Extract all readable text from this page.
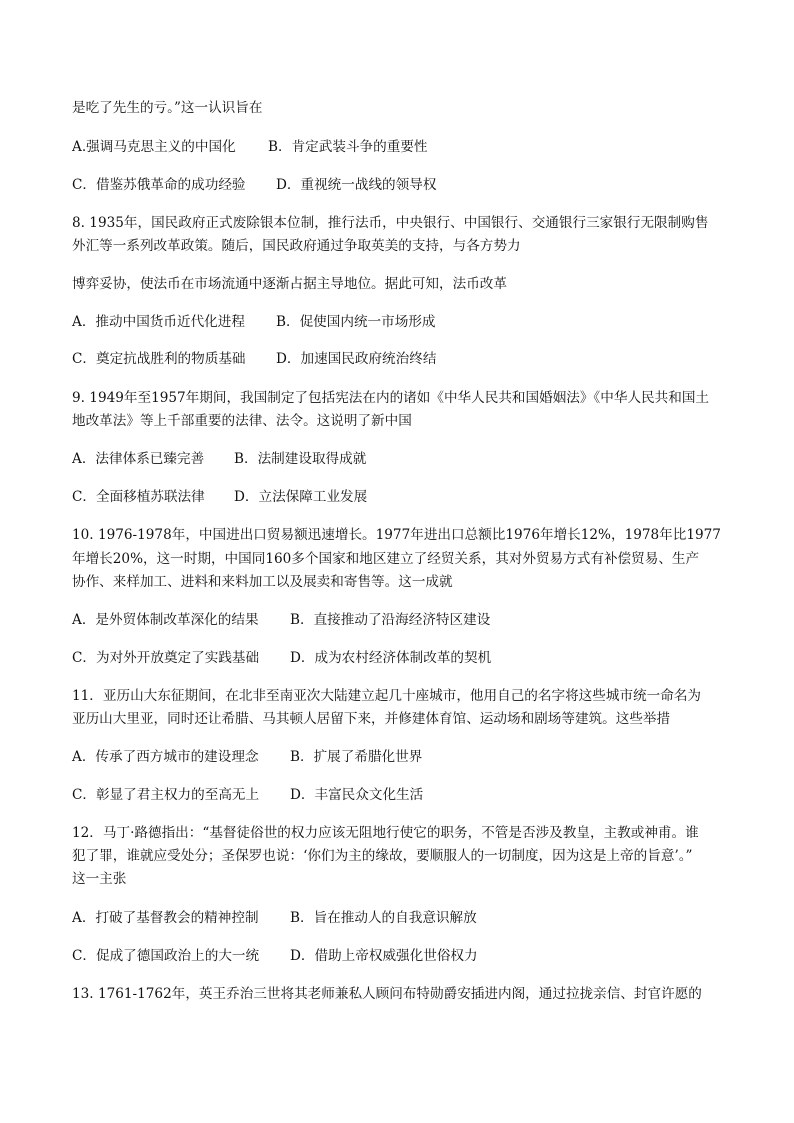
是吃了先生的亏。”这一认识旨在
A.强调马克思主义的中国化 B．肯定武装斗争的重要性
C．借鉴苏俄革命的成功经验 D．重视统一战线的领导权
8. 1935年，国民政府正式废除银本位制，推行法币，中央银行、中国银行、交通银行三家银行无限制购售
外汇等一系列改革政策。随后，国民政府通过争取英美的支持，与各方势力
博弈妥协，使法币在市场流通中逐渐占据主导地位。据此可知，法币改革
A．推动中国货币近代化进程 B．促使国内统一市场形成
C．奠定抗战胜利的物质基础 D．加速国民政府统治终结
9. 1949年至1957年期间，我国制定了包括宪法在内的诸如《中华人民共和国婚姻法》《中华人民共和国土
地改革法》等上千部重要的法律、法令。这说明了新中国
A．法律体系已臻完善 B．法制建设取得成就
C．全面移植苏联法律 D．立法保障工业发展
10. 1976-1978年，中国进出口贸易额迅速增长。1977年进出口总额比1976年增长12%，1978年比1977
年增长20%，这一时期，中国同160多个国家和地区建立了经贸关系，其对外贸易方式有补偿贸易、生产
协作、来样加工、进料和来料加工以及展卖和寄售等。这一成就
A．是外贸体制改革深化的结果 B．直接推动了沿海经济特区建设
C．为对外开放奠定了实践基础 D．成为农村经济体制改革的契机
11．亚历山大东征期间，在北非至南亚次大陆建立起几十座城市，他用自己的名字将这些城市统一命名为
亚历山大里亚，同时还让希腊、马其顿人居留下来，并修建体育馆、运动场和剧场等建筑。这些举措
A．传承了西方城市的建设理念 B．扩展了希腊化世界
C．彰显了君主权力的至高无上 D．丰富民众文化生活
12．马丁·路德指出：“基督徒俗世的权力应该无阻地行使它的职务，不管是否涉及教皇，主教或神甫。谁
犯了罪，谁就应受处分；圣保罗也说：‘你们为主的缘故，要顺服人的一切制度，因为这是上帝的旨意’。”
这一主张
A．打破了基督教会的精神控制 B．旨在推动人的自我意识解放
C．促成了德国政治上的大一统 D．借助上帝权威强化世俗权力
13. 1761-1762年，英王乔治三世将其老师兼私人顾问布特勋爵安插进内阁，通过拉拢亲信、封官许愿的
